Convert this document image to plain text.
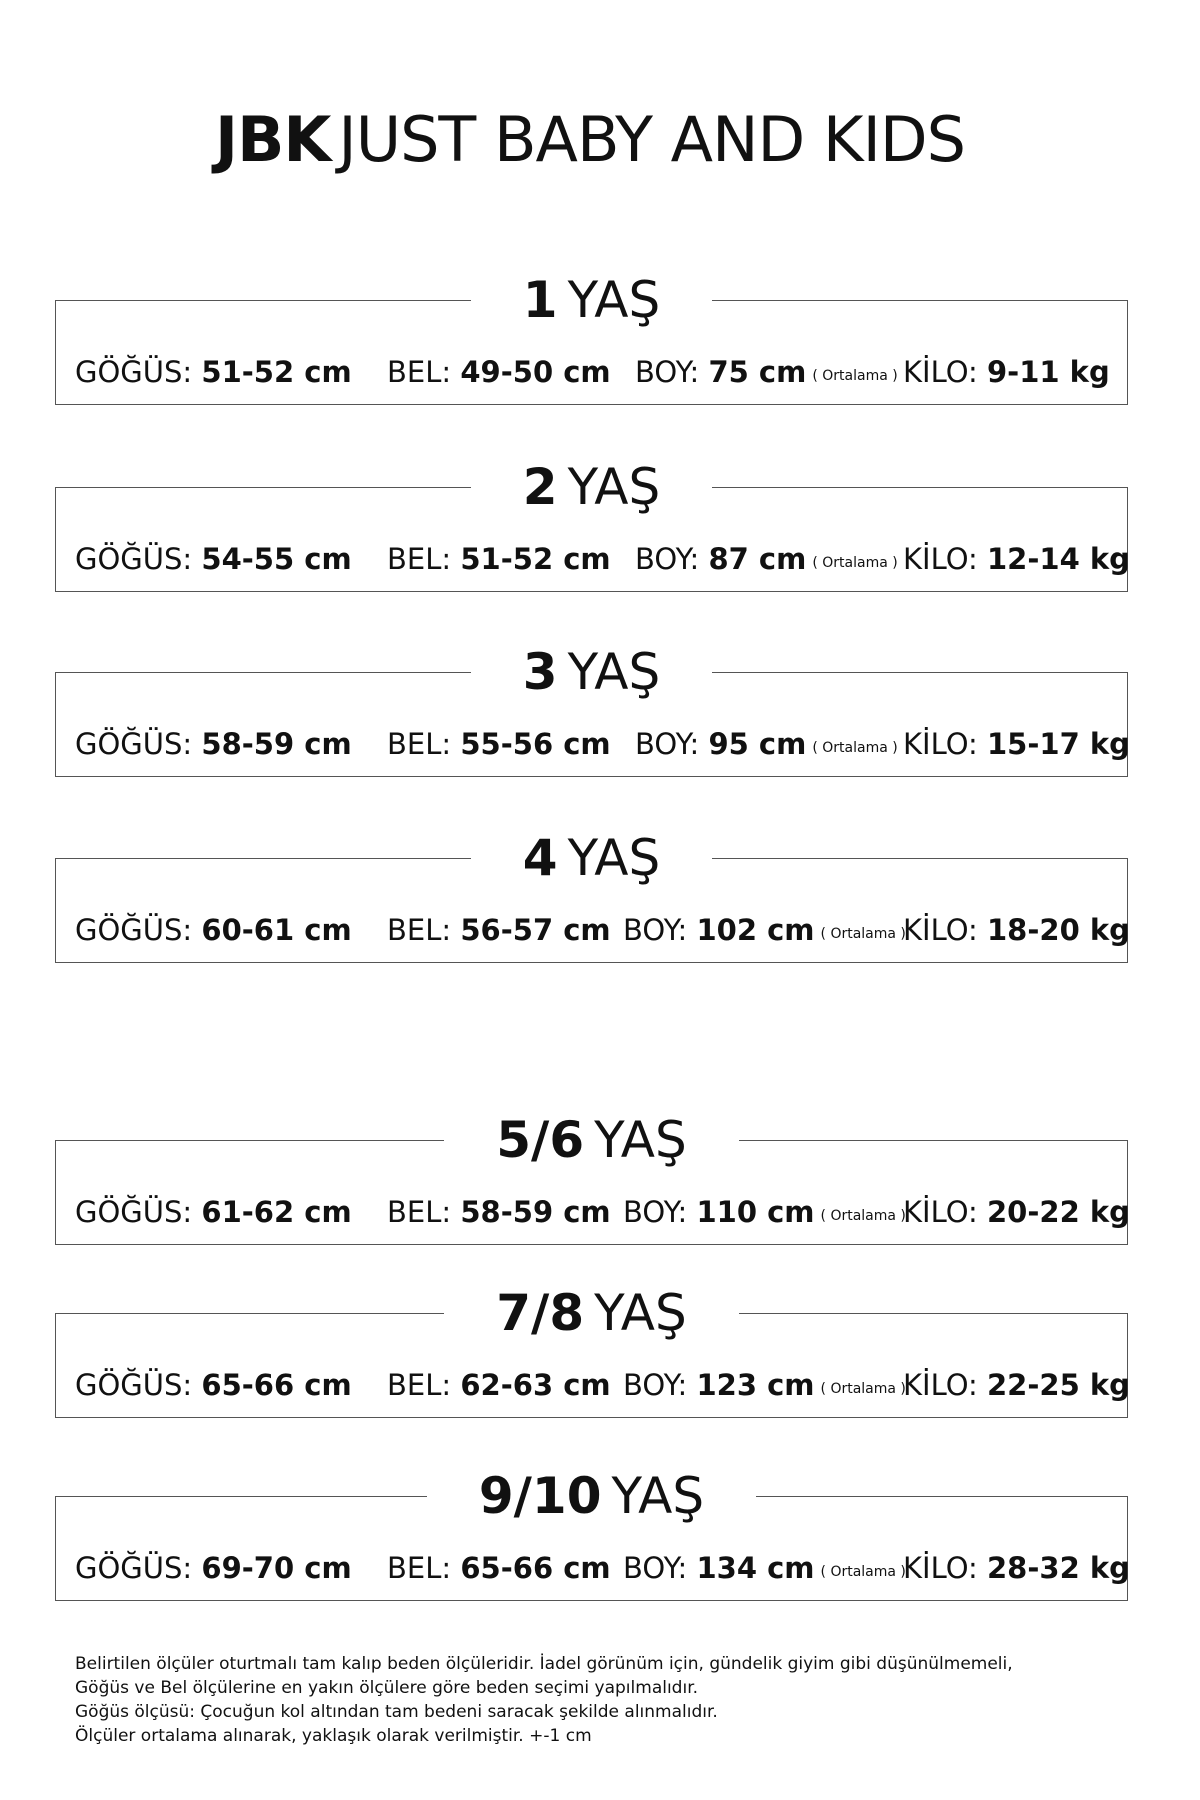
JBK JUST BABY AND KIDS
1 YAŞ
GÖĞÜS: 51-52 cm BEL: 49-50 cm BOY: 75 cm ( Ortalama ) KİLO: 9-11 kg
2 YAŞ
GÖĞÜS: 54-55 cm BEL: 51-52 cm BOY: 87 cm ( Ortalama ) KİLO: 12-14 kg
3 YAŞ
GÖĞÜS: 58-59 cm BEL: 55-56 cm BOY: 95 cm ( Ortalama ) KİLO: 15-17 kg
4 YAŞ
GÖĞÜS: 60-61 cm BEL: 56-57 cm BOY: 102 cm ( Ortalama )
KİLO: 18-20 kg
5/6 YAŞ
GÖĞÜS: 61-62 cm BEL: 58-59 cm BOY: 110 cm ( Ortalama )
KİLO: 20-22 kg
7/8 YAŞ
GÖĞÜS: 65-66 cm BEL: 62-63 cm BOY: 123 cm ( Ortalama )
KİLO: 22-25 kg
9/10 YAŞ
GÖĞÜS: 69-70 cm BEL: 65-66 cm BOY: 134 cm ( Ortalama )
KİLO: 28-32 kg
Belirtilen ölçüler oturtmalı tam kalıp beden ölçüleridir. İadel görünüm için, gündelik giyim gibi düşünülmemeli,
Göğüs ve Bel ölçülerine en yakın ölçülere göre beden seçimi yapılmalıdır.
Göğüs ölçüsü: Çocuğun kol altından tam bedeni saracak şekilde alınmalıdır.
Ölçüler ortalama alınarak, yaklaşık olarak verilmiştir. +-1 cm
